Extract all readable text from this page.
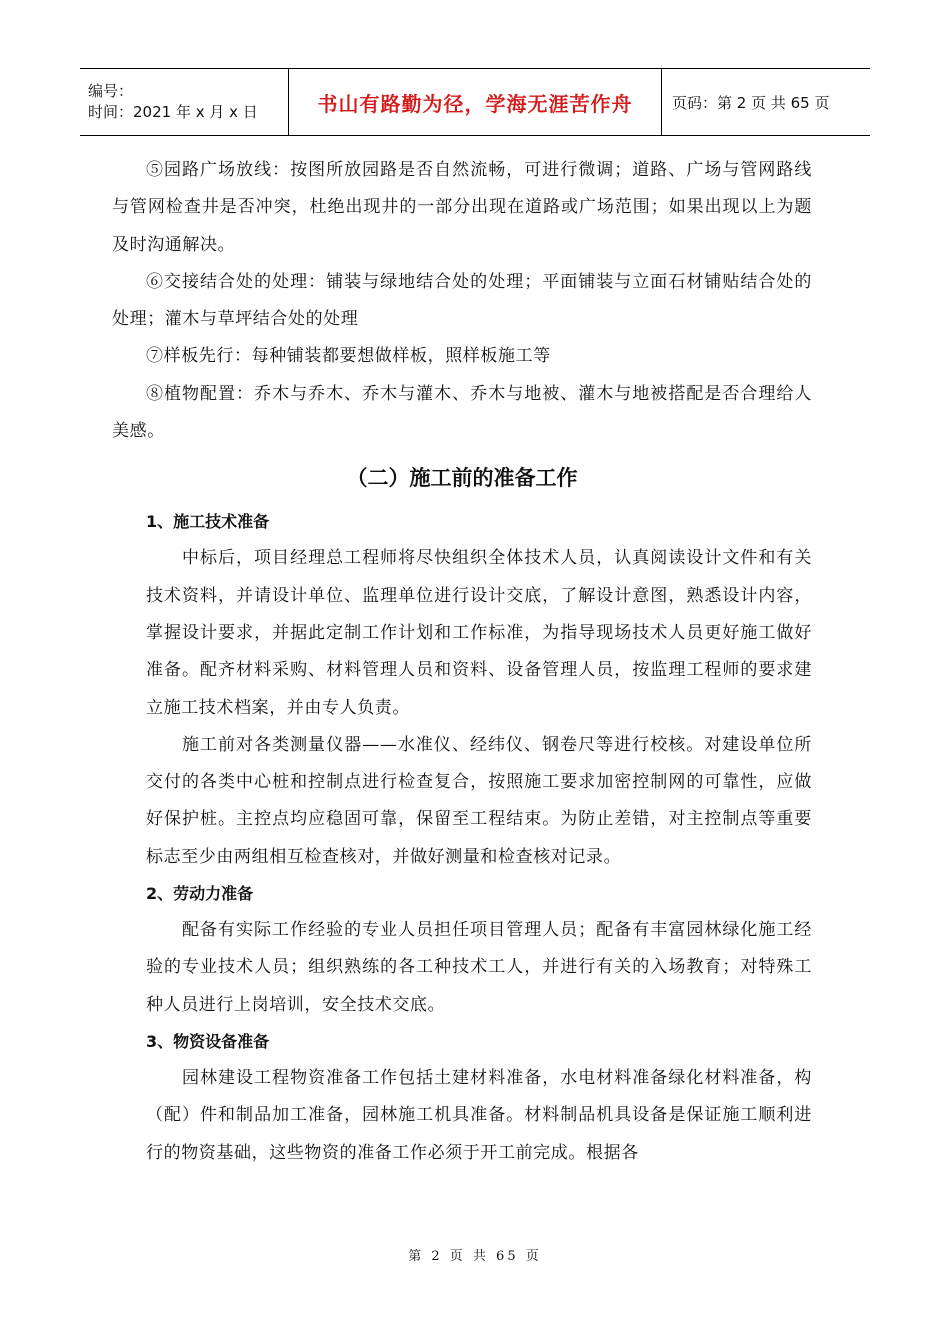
编号：
时间：2021 年 x 月 x 日	书山有路勤为径，学海无涯苦作舟	页码：第 2 页 共 65 页

⑤园路广场放线：按图所放园路是否自然流畅，可进行微调；道路、广场与管网路线与管网检查井是否冲突，杜绝出现井的一部分出现在道路或广场范围；如果出现以上为题及时沟通解决。

⑥交接结合处的处理：铺装与绿地结合处的处理；平面铺装与立面石材铺贴结合处的处理；灌木与草坪结合处的处理

⑦样板先行：每种铺装都要想做样板，照样板施工等

⑧植物配置：乔木与乔木、乔木与灌木、乔木与地被、灌木与地被搭配是否合理给人美感。

（二）施工前的准备工作
1、施工技术准备

中标后，项目经理总工程师将尽快组织全体技术人员，认真阅读设计文件和有关技术资料，并请设计单位、监理单位进行设计交底，了解设计意图，熟悉设计内容，掌握设计要求，并据此定制工作计划和工作标准，为指导现场技术人员更好施工做好准备。配齐材料采购、材料管理人员和资料、设备管理人员，按监理工程师的要求建立施工技术档案，并由专人负责。

施工前对各类测量仪器——水准仪、经纬仪、钢卷尺等进行校核。对建设单位所交付的各类中心桩和控制点进行检查复合，按照施工要求加密控制网的可靠性，应做好保护桩。主控点均应稳固可靠，保留至工程结束。为防止差错，对主控制点等重要标志至少由两组相互检查核对，并做好测量和检查核对记录。

2、劳动力准备

配备有实际工作经验的专业人员担任项目管理人员；配备有丰富园林绿化施工经验的专业技术人员；组织熟练的各工种技术工人，并进行有关的入场教育；对特殊工种人员进行上岗培训，安全技术交底。

3、物资设备准备

园林建设工程物资准备工作包括土建材料准备，水电材料准备绿化材料准备，构（配）件和制品加工准备，园林施工机具准备。材料制品机具设备是保证施工顺利进行的物资基础，这些物资的准备工作必须于开工前完成。根据各

第 2 页 共 65 页
